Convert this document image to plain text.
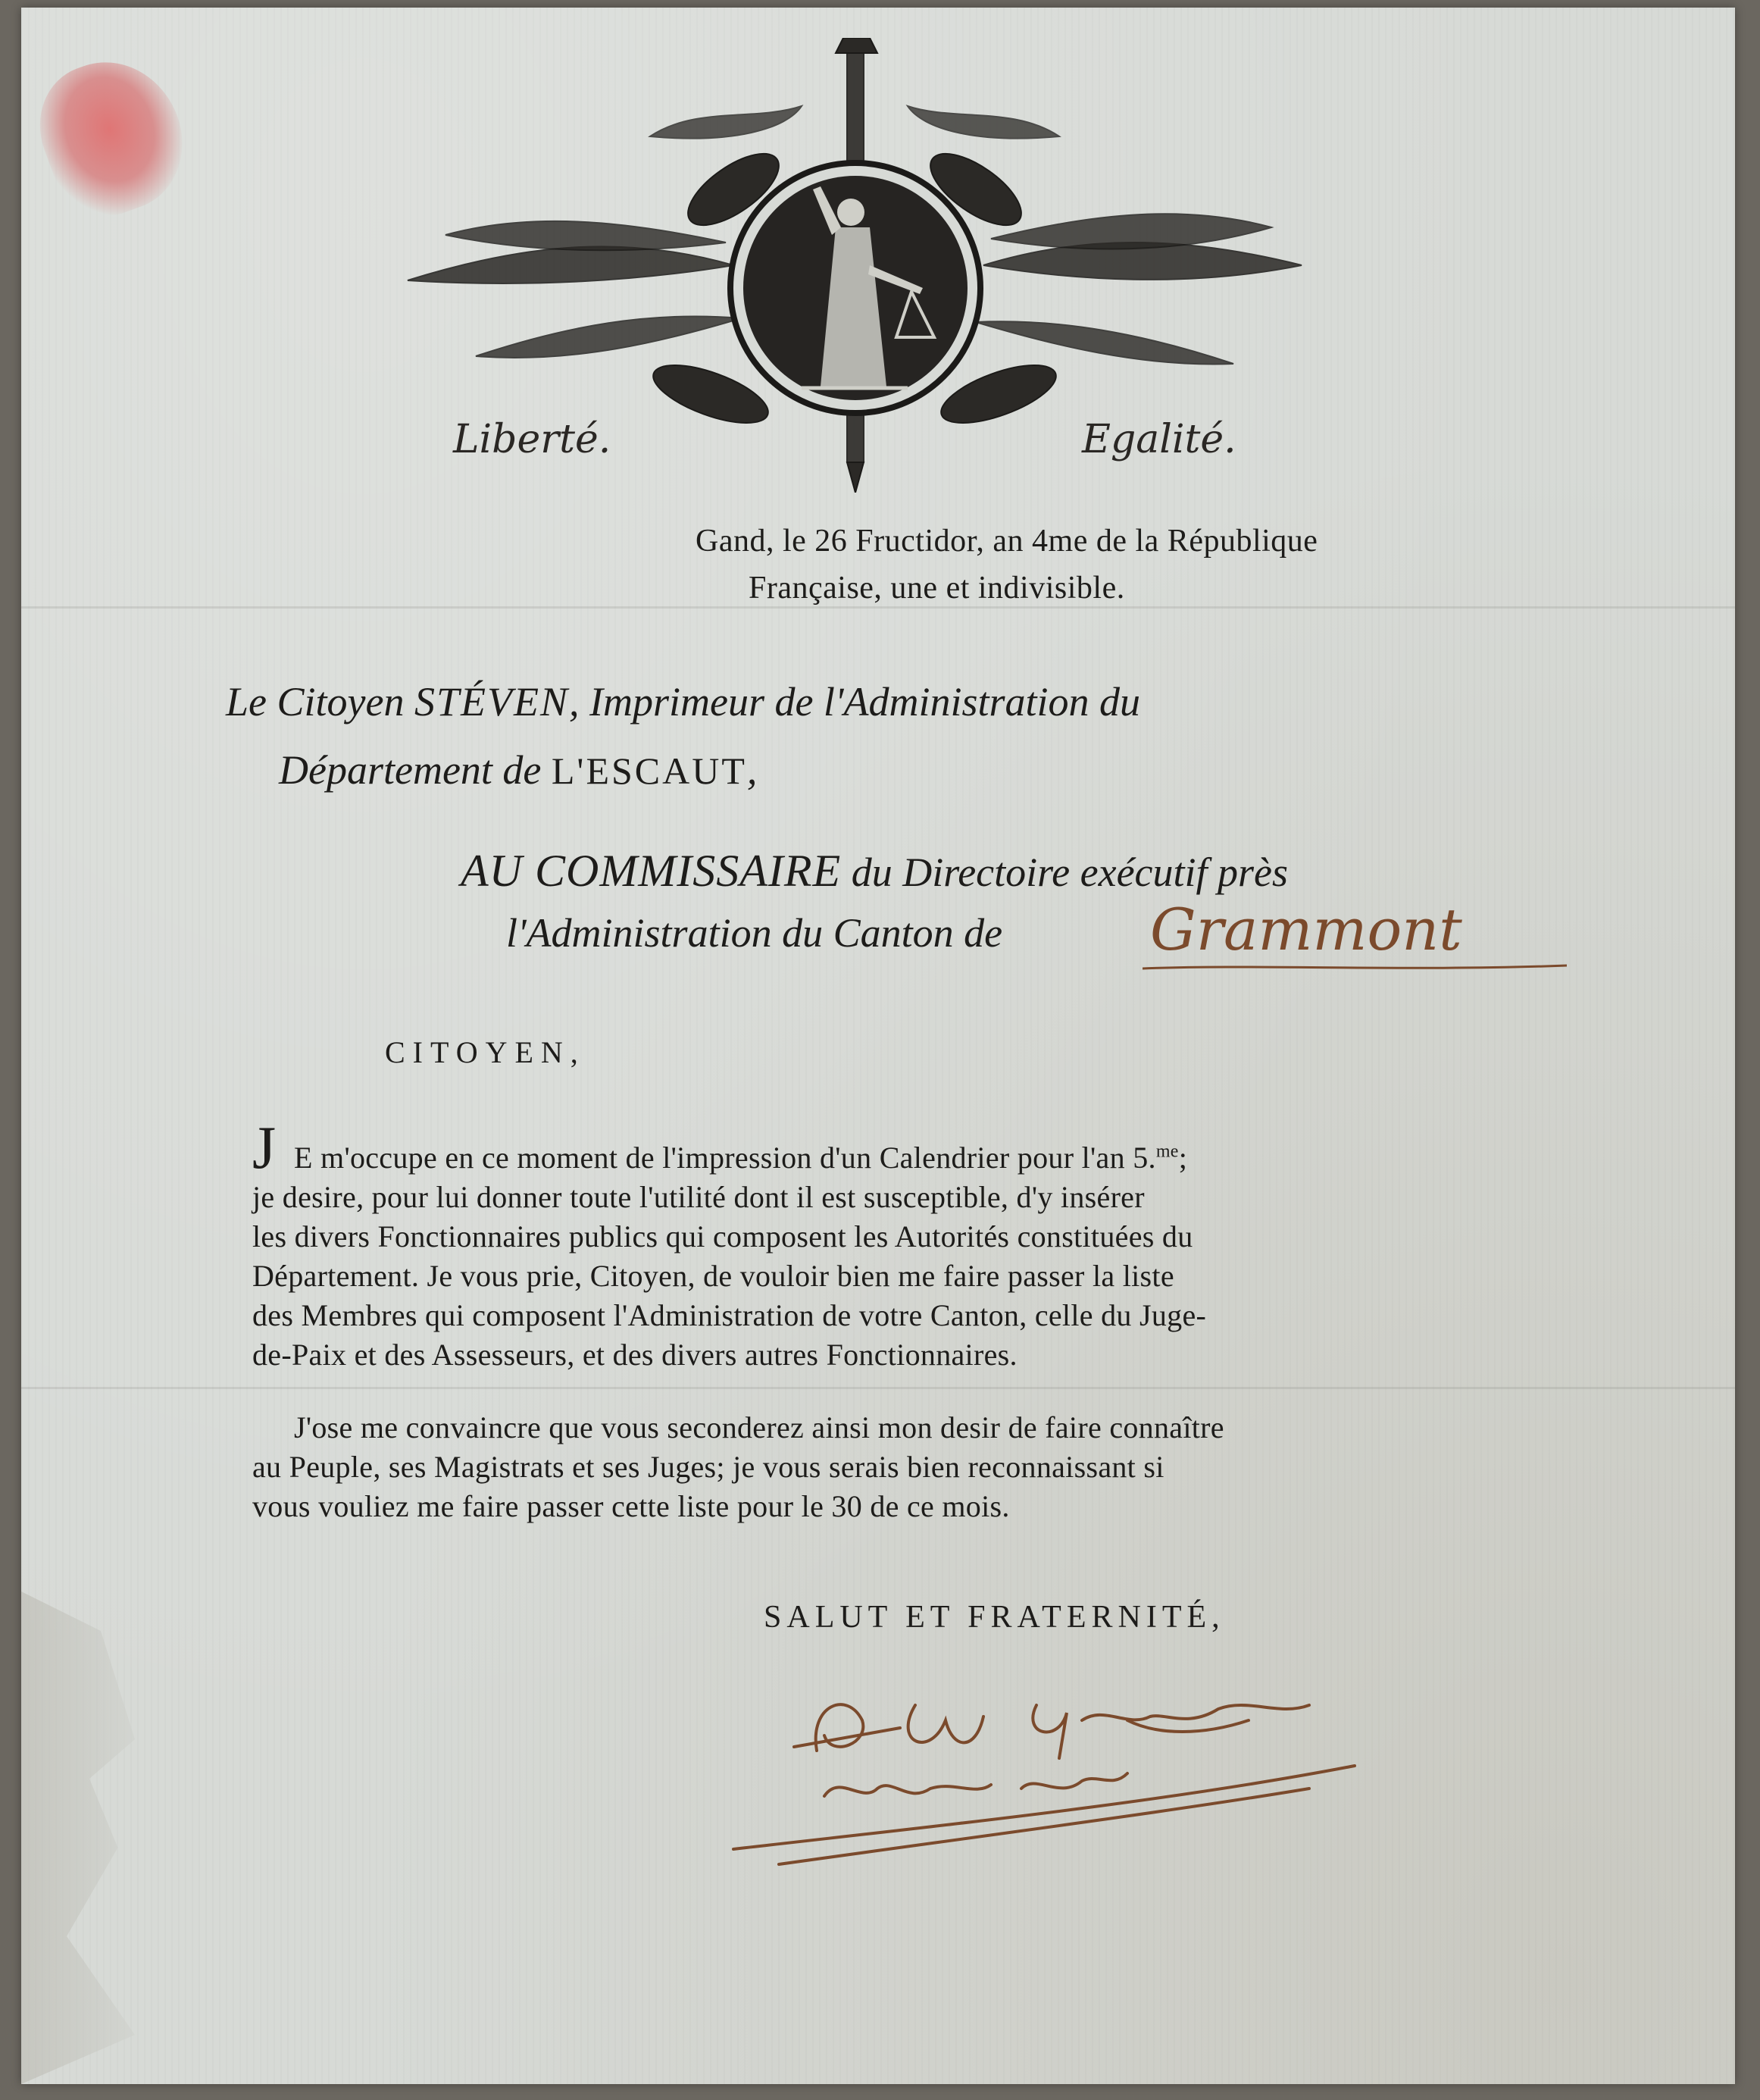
Liberté.	Egalité.
Gand, le 26 Fructidor, an 4me de la République
Française, une et indivisible.
Le Citoyen STÉVEN, Imprimeur de l'Administration du
Département de L'ESCAUT,
AU COMMISSAIRE du Directoire exécutif près
l'Administration du Canton de	Grammont
CITOYEN,
J E m'occupe en ce moment de l'impression d'un Calendrier pour l'an 5.$^{me}$;
je desire, pour lui donner toute l'utilité dont il est susceptible, d'y insérer
les divers Fonctionnaires publics qui composent les Autorités constituées du
Département. Je vous prie, Citoyen, de vouloir bien me faire passer la liste
des Membres qui composent l'Administration de votre Canton, celle du Juge-
de-Paix et des Assesseurs, et des divers autres Fonctionnaires.
J'ose me convaincre que vous seconderez ainsi mon desir de faire connaître
au Peuple, ses Magistrats et ses Juges; je vous serais bien reconnaissant si
vous vouliez me faire passer cette liste pour le 30 de ce mois.
SALUT ET FRATERNITÉ,
